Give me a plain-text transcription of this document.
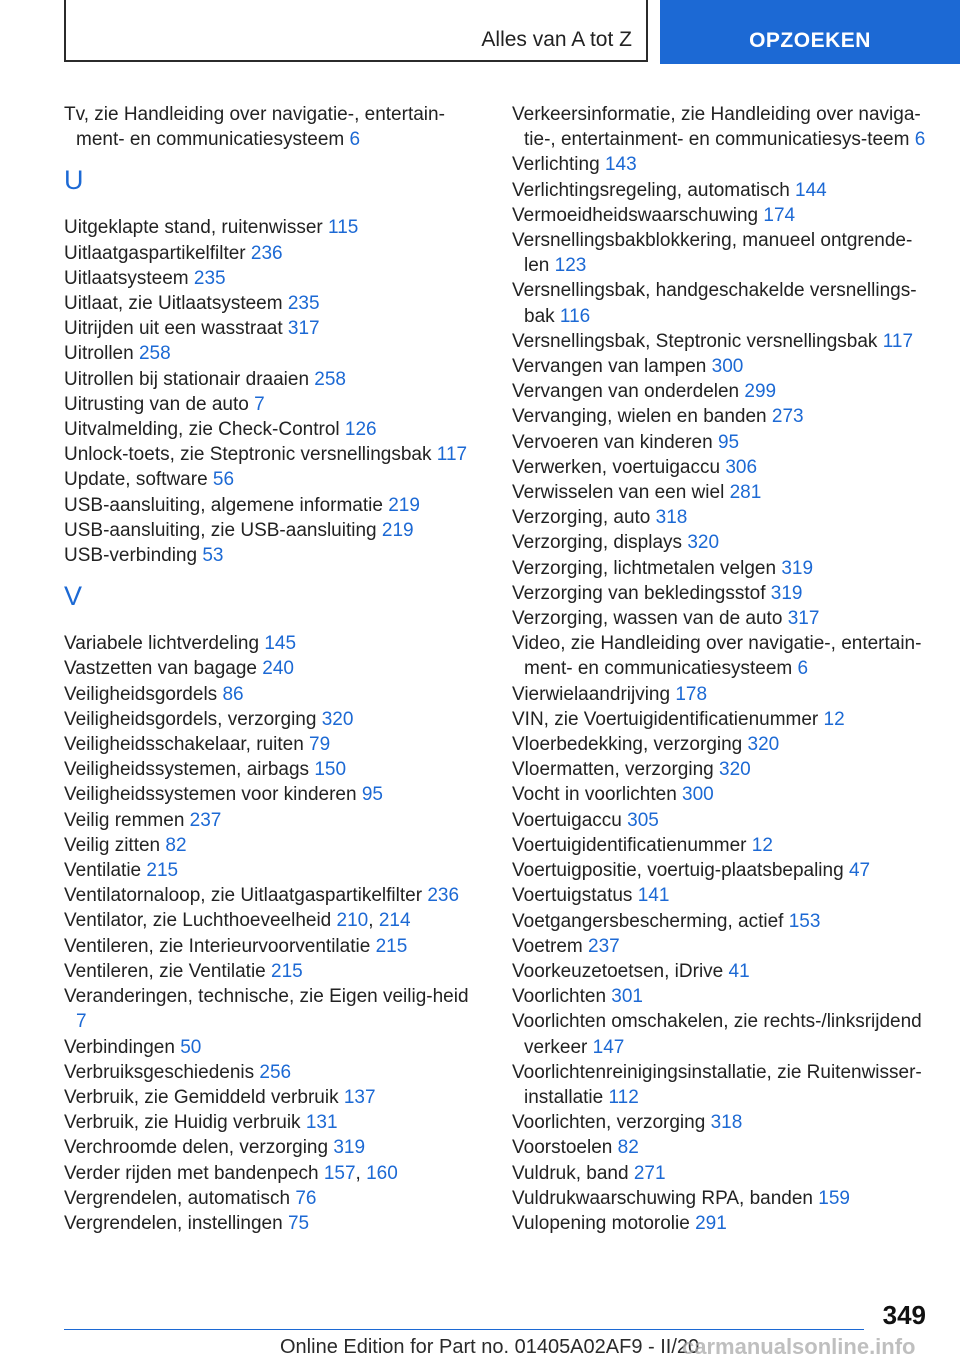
Alles van A tot Z	OPZOEKEN
Tv, zie Handleiding over navigatie-, entertain-ment- en communicatiesysteem 6
U
Uitgeklapte stand, ruitenwisser 115
Uitlaatgaspartikelfilter 236
Uitlaatsysteem 235
Uitlaat, zie Uitlaatsysteem 235
Uitrijden uit een wasstraat 317
Uitrollen 258
Uitrollen bij stationair draaien 258
Uitrusting van de auto 7
Uitvalmelding, zie Check-Control 126
Unlock-toets, zie Steptronic versnellingsbak 117
Update, software 56
USB-aansluiting, algemene informatie 219
USB-aansluiting, zie USB-aansluiting 219
USB-verbinding 53
V
Variabele lichtverdeling 145
Vastzetten van bagage 240
Veiligheidsgordels 86
Veiligheidsgordels, verzorging 320
Veiligheidsschakelaar, ruiten 79
Veiligheidssystemen, airbags 150
Veiligheidssystemen voor kinderen 95
Veilig remmen 237
Veilig zitten 82
Ventilatie 215
Ventilatornaloop, zie Uitlaatgaspartikelfilter 236
Ventilator, zie Luchthoeveelheid 210, 214
Ventileren, zie Interieurvoorventilatie 215
Ventileren, zie Ventilatie 215
Veranderingen, technische, zie Eigen veilig-heid 7
Verbindingen 50
Verbruiksgeschiedenis 256
Verbruik, zie Gemiddeld verbruik 137
Verbruik, zie Huidig verbruik 131
Verchroomde delen, verzorging 319
Verder rijden met bandenpech 157, 160
Vergrendelen, automatisch 76
Vergrendelen, instellingen 75
Verkeersinformatie, zie Handleiding over naviga-tie-, entertainment- en communicatiesys-teem 6
Verlichting 143
Verlichtingsregeling, automatisch 144
Vermoeidheidswaarschuwing 174
Versnellingsbakblokkering, manueel ontgrende-len 123
Versnellingsbak, handgeschakelde versnellings-bak 116
Versnellingsbak, Steptronic versnellingsbak 117
Vervangen van lampen 300
Vervangen van onderdelen 299
Vervanging, wielen en banden 273
Vervoeren van kinderen 95
Verwerken, voertuigaccu 306
Verwisselen van een wiel 281
Verzorging, auto 318
Verzorging, displays 320
Verzorging, lichtmetalen velgen 319
Verzorging van bekledingsstof 319
Verzorging, wassen van de auto 317
Video, zie Handleiding over navigatie-, entertain-ment- en communicatiesysteem 6
Vierwielaandrijving 178
VIN, zie Voertuigidentificatienummer 12
Vloerbedekking, verzorging 320
Vloermatten, verzorging 320
Vocht in voorlichten 300
Voertuigaccu 305
Voertuigidentificatienummer 12
Voertuigpositie, voertuig-plaatsbepaling 47
Voertuigstatus 141
Voetgangersbescherming, actief 153
Voetrem 237
Voorkeuzetoetsen, iDrive 41
Voorlichten 301
Voorlichten omschakelen, zie rechts-/linksrijdend verkeer 147
Voorlichtenreinigingsinstallatie, zie Ruitenwisser-installatie 112
Voorlichten, verzorging 318
Voorstoelen 82
Vuldruk, band 271
Vuldrukwaarschuwing RPA, banden 159
Vulopening motorolie 291
349
Online Edition for Part no. 01405A02AF9 - II/20
carmanualsonline.info
